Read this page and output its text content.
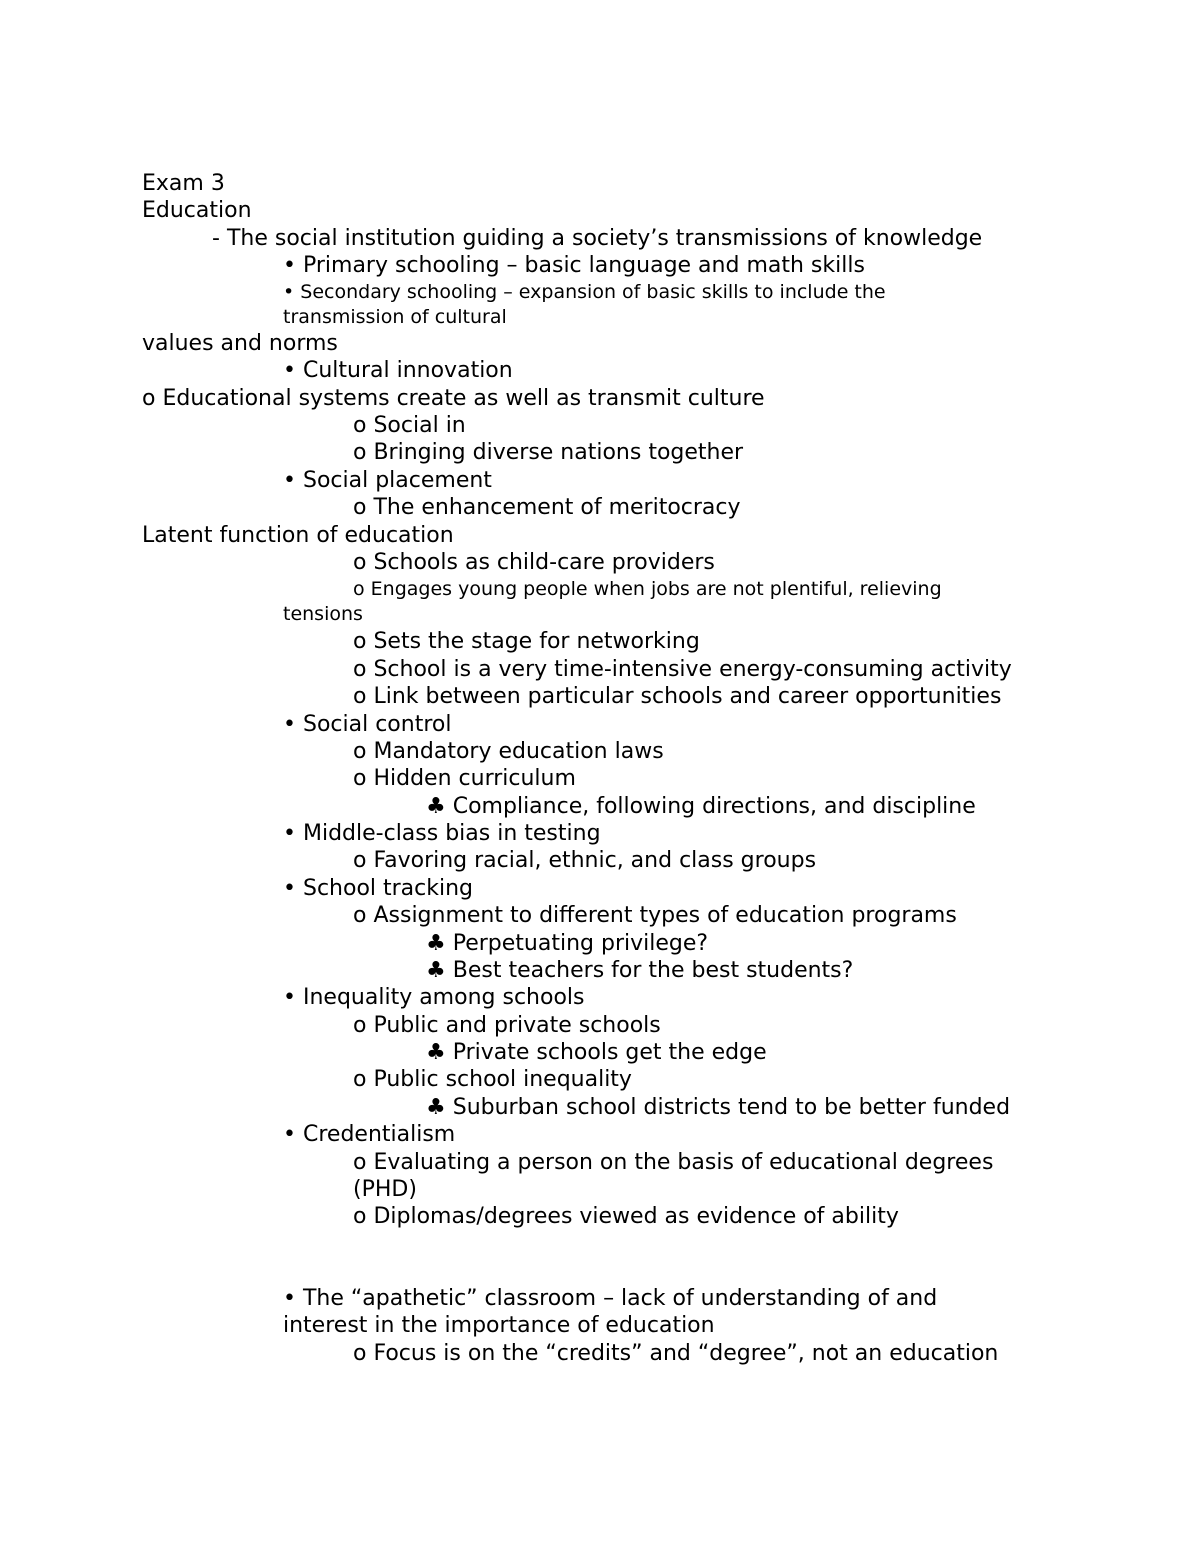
Exam 3
Education
- The social institution guiding a society’s transmissions of knowledge
• Primary schooling – basic language and math skills
• Secondary schooling – expansion of basic skills to include the
transmission of cultural
values and norms
• Cultural innovation
o Educational systems create as well as transmit culture
o Social in
o Bringing diverse nations together
• Social placement
o The enhancement of meritocracy
Latent function of education
o Schools as child-care providers
o Engages young people when jobs are not plentiful, relieving
tensions
o Sets the stage for networking
o School is a very time-intensive energy-consuming activity
o Link between particular schools and career opportunities
• Social control
o Mandatory education laws
o Hidden curriculum
♣ Compliance, following directions, and discipline
• Middle-class bias in testing
o Favoring racial, ethnic, and class groups
• School tracking
o Assignment to different types of education programs
♣ Perpetuating privilege?
♣ Best teachers for the best students?
• Inequality among schools
o Public and private schools
♣ Private schools get the edge
o Public school inequality
♣ Suburban school districts tend to be better funded
• Credentialism
o Evaluating a person on the basis of educational degrees
(PHD)
o Diplomas/degrees viewed as evidence of ability
• The “apathetic” classroom – lack of understanding of and
interest in the importance of education
o Focus is on the “credits” and “degree”, not an education
